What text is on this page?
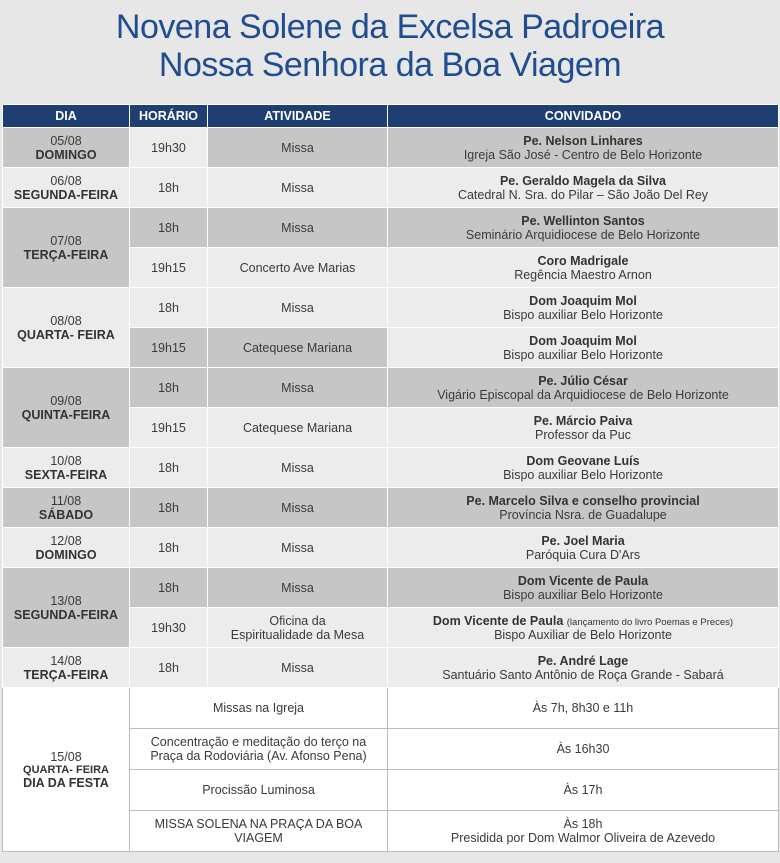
Novena Solene da Excelsa Padroeira
Nossa Senhora da Boa Viagem
DIA	HORÁRIO	ATIVIDADE	CONVIDADO

05/08
DOMINGO	19h30	Missa	Pe. Nelson Linhares
Igreja São José - Centro de Belo Horizonte

06/08
SEGUNDA-FEIRA	18h	Missa	Pe. Geraldo Magela da Silva
Catedral N. Sra. do Pilar – São João Del Rey

07/08
TERÇA-FEIRA	18h	Missa	Pe. Wellinton Santos
Seminário Arquidiocese de Belo Horizonte

	19h15	Concerto Ave Marias	Coro Madrigale
Regência Maestro Arnon

08/08
QUARTA- FEIRA	18h	Missa	Dom Joaquim Mol
Bispo auxiliar Belo Horizonte

	19h15	Catequese Mariana	Dom Joaquim Mol
Bispo auxiliar Belo Horizonte

09/08
QUINTA-FEIRA	18h	Missa	Pe. Júlio César
Vigário Episcopal da Arquidiocese de Belo Horizonte

	19h15	Catequese Mariana	Pe. Márcio Paiva
Professor da Puc

10/08
SEXTA-FEIRA	18h	Missa	Dom Geovane Luís
Bispo auxiliar Belo Horizonte

11/08
SÁBADO	18h	Missa	Pe. Marcelo Silva e conselho provincial
Província Nsra. de Guadalupe

12/08
DOMINGO	18h	Missa	Pe. Joel Maria
Paróquia Cura D'Ars

13/08
SEGUNDA-FEIRA	18h	Missa	Dom Vicente de Paula
Bispo auxiliar Belo Horizonte

	19h30	Oficina da
Espiritualidade da Mesa	Dom Vicente de Paula (lançamento do livro Poemas e Preces)
Bispo Auxiliar de Belo Horizonte

14/08
TERÇA-FEIRA	18h	Missa	Pe. André Lage
Santuário Santo Antônio de Roça Grande - Sabará

15/08
QUARTA- FEIRA
DIA DA FESTA	Missas na Igreja		Às 7h, 8h30 e 11h

	Concentração e meditação do terço na
Praça da Rodoviária (Av. Afonso Pena)		Às 16h30
	Procissão Luminosa		Às 17h

	MISSA SOLENA NA PRAÇA DA BOA
VIAGEM		Às 18h
Presidida por Dom Walmor Oliveira de Azevedo
